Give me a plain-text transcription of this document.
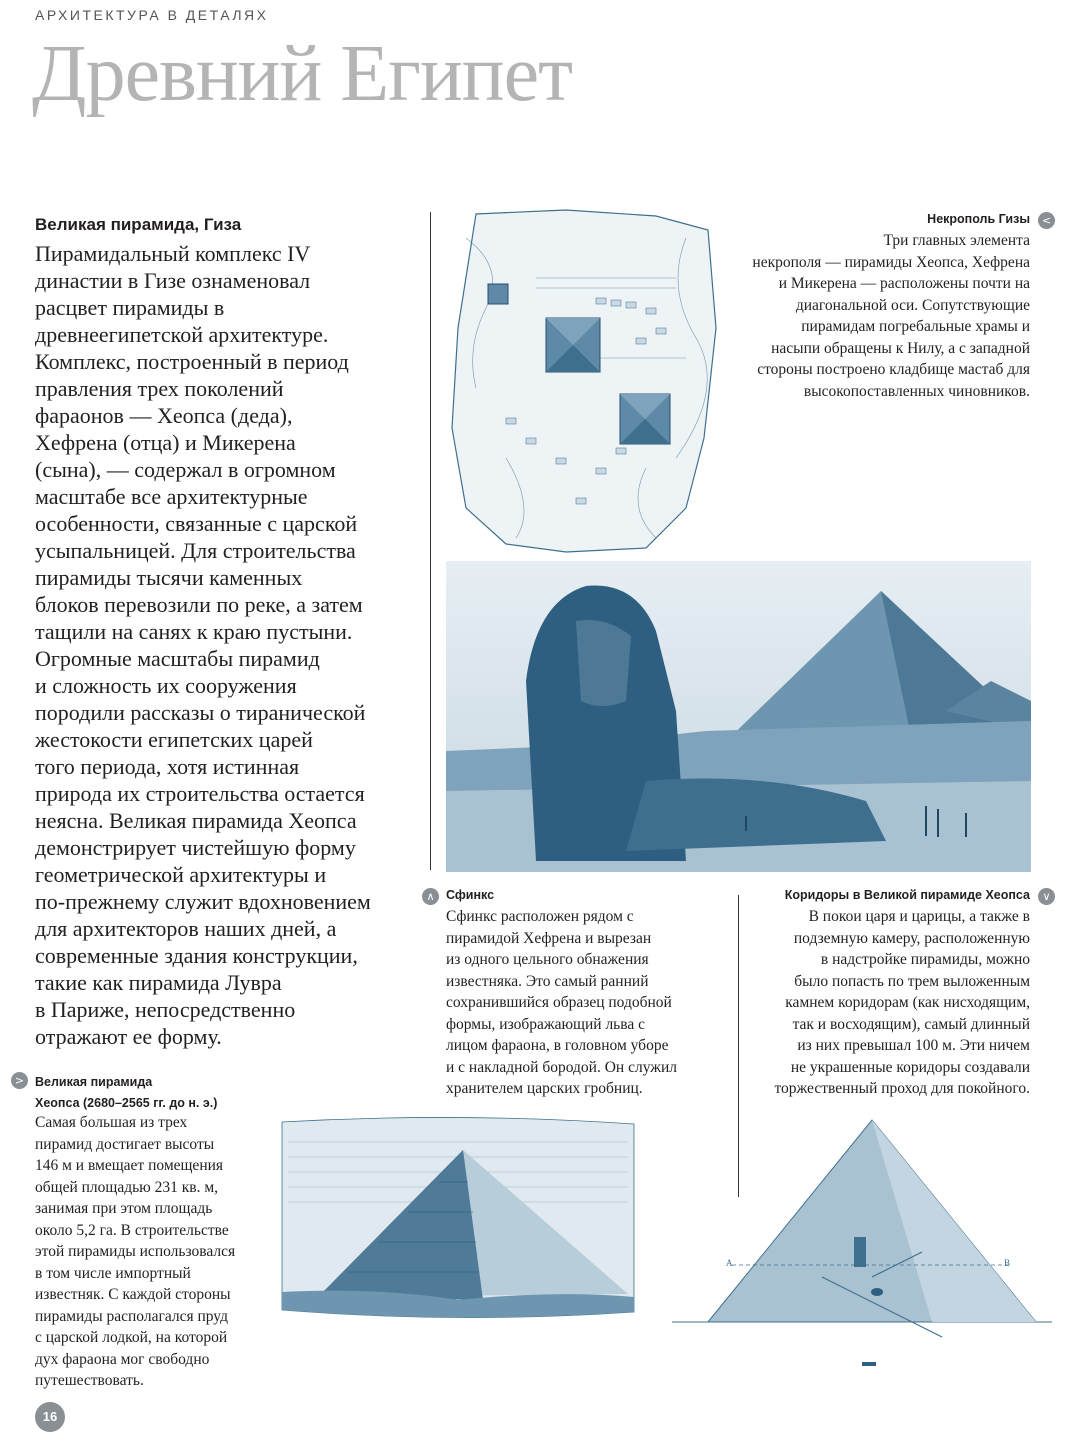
АРХИТЕКТУРА В ДЕТАЛЯХ
Древний Египет
Великая пирамида, Гиза
Пирамидальный комплекс IV
династии в Гизе ознаменовал
расцвет пирамиды в
древнеегипетской архитектуре.
Комплекс, построенный в период
правления трех поколений
фараонов — Хеопса (деда),
Хефрена (отца) и Микерена
(сына), — содержал в огромном
масштабе все архитектурные
особенности, связанные с царской
усыпальницей. Для строительства
пирамиды тысячи каменных
блоков перевозили по реке, а затем
тащили на санях к краю пустыни.
Огромные масштабы пирамид
и сложность их сооружения
породили рассказы о тиранической
жестокости египетских царей
того периода, хотя истинная
природа их строительства остается
неясна. Великая пирамида Хеопса
демонстрирует чистейшую форму
геометрической архитектуры и
по-прежнему служит вдохновением
для архитекторов наших дней, а
современные здания конструкции,
такие как пирамида Лувра
в Париже, непосредственно
отражают ее форму.
Некрополь Гизы	<
Три главных элемента
некрополя — пирамиды Хеопса, Хефрена
и Микерена — расположены почти на
диагональной оси. Сопутствующие
пирамидам погребальные храмы и
насыпи обращены к Нилу, а с западной
стороны построено кладбище мастаб для
высокопоставленных чиновников.
∧ Сфинкс
Сфинкс расположен рядом с
пирамидой Хефрена и вырезан
из одного цельного обнажения
известняка. Это самый ранний
сохранившийся образец подобной
формы, изображающий льва с
лицом фараона, в головном уборе
и с накладной бородой. Он служил
хранителем царских гробниц.
Коридоры в Великой пирамиде Хеопса	∨
В покои царя и царицы, а также в
подземную камеру, расположенную
в надстройке пирамиды, можно
было попасть по трем выложенным
камнем коридорам (как нисходящим,
так и восходящим), самый длинный
из них превышал 100 м. Эти ничем
не украшенные коридоры создавали
торжественный проход для покойного.
> Великая пирамида
Хеопса (2680–2565 гг. до н. э.)
Самая большая из трех
пирамид достигает высоты
146 м и вмещает помещения
общей площадью 231 кв. м,
занимая при этом площадь
около 5,2 га. В строительстве
этой пирамиды использовался
в том числе импортный
известняк. С каждой стороны
пирамиды располагался пруд
с царской лодкой, на которой
дух фараона мог свободно
путешествовать.
A	B
16
